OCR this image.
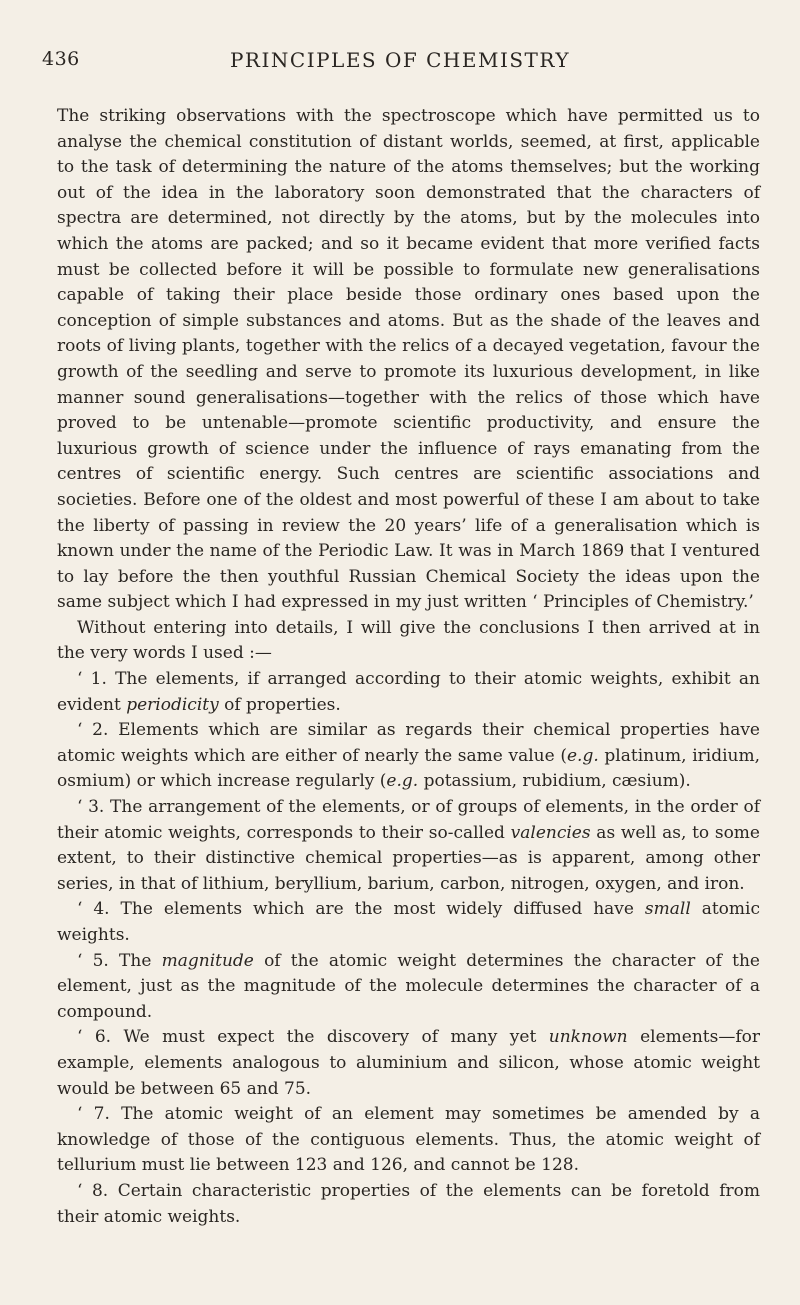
436	PRINCIPLES OF CHEMISTRY

The striking observations with the spectroscope which have permitted us to analyse the chemical constitution of distant worlds, seemed, at first, applicable to the task of determining the nature of the atoms themselves; but the working out of the idea in the laboratory soon demonstrated that the characters of spectra are determined, not directly by the atoms, but by the molecules into which the atoms are packed; and so it became evident that more verified facts must be collected before it will be possible to formulate new generalisations capable of taking their place beside those ordinary ones based upon the conception of simple substances and atoms. But as the shade of the leaves and roots of living plants, together with the relics of a decayed vegetation, favour the growth of the seedling and serve to promote its luxurious development, in like manner sound generalisations—together with the relics of those which have proved to be untenable—promote scientific productivity, and ensure the luxurious growth of science under the influence of rays emanating from the centres of scientific energy. Such centres are scientific associations and societies. Before one of the oldest and most powerful of these I am about to take the liberty of passing in review the 20 years’ life of a generalisation which is known under the name of the Periodic Law. It was in March 1869 that I ventured to lay before the then youthful Russian Chemical Society the ideas upon the same subject which I had expressed in my just written ‘ Principles of Chemistry.’

Without entering into details, I will give the conclusions I then arrived at in the very words I used :—

‘ 1. The elements, if arranged according to their atomic weights, exhibit an evident periodicity of properties.

‘ 2. Elements which are similar as regards their chemical properties have atomic weights which are either of nearly the same value (e.g. platinum, iridium, osmium) or which increase regularly (e.g. potassium, rubidium, cæsium).

‘ 3. The arrangement of the elements, or of groups of elements, in the order of their atomic weights, corresponds to their so-called valencies as well as, to some extent, to their distinctive chemical properties—as is apparent, among other series, in that of lithium, beryllium, barium, carbon, nitrogen, oxygen, and iron.

‘ 4. The elements which are the most widely diffused have small atomic weights.

‘ 5. The magnitude of the atomic weight determines the character of the element, just as the magnitude of the molecule determines the character of a compound.

‘ 6. We must expect the discovery of many yet unknown elements—for example, elements analogous to aluminium and silicon, whose atomic weight would be between 65 and 75.

‘ 7. The atomic weight of an element may sometimes be amended by a knowledge of those of the contiguous elements. Thus, the atomic weight of tellurium must lie between 123 and 126, and cannot be 128.

‘ 8. Certain characteristic properties of the elements can be foretold from their atomic weights.
